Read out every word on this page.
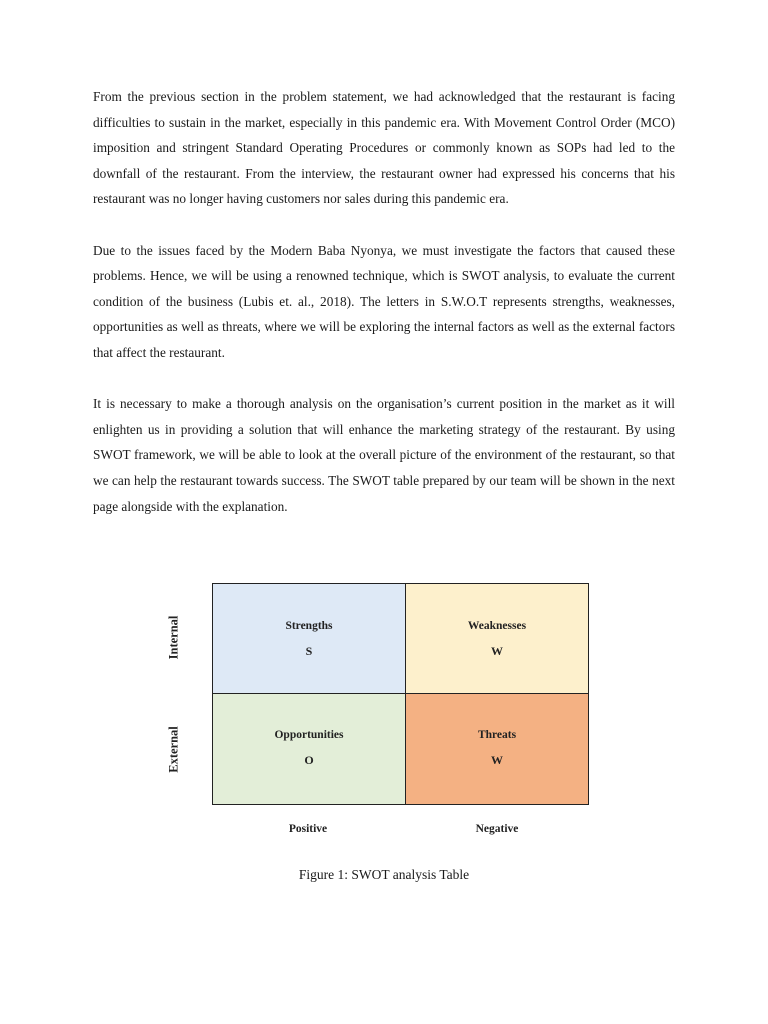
From the previous section in the problem statement, we had acknowledged that the restaurant is facing difficulties to sustain in the market, especially in this pandemic era. With Movement Control Order (MCO) imposition and stringent Standard Operating Procedures or commonly known as SOPs had led to the downfall of the restaurant. From the interview, the restaurant owner had expressed his concerns that his restaurant was no longer having customers nor sales during this pandemic era.

Due to the issues faced by the Modern Baba Nyonya, we must investigate the factors that caused these problems. Hence, we will be using a renowned technique, which is SWOT analysis, to evaluate the current condition of the business (Lubis et. al., 2018). The letters in S.W.O.T represents strengths, weaknesses, opportunities as well as threats, where we will be exploring the internal factors as well as the external factors that affect the restaurant.

It is necessary to make a thorough analysis on the organisation’s current position in the market as it will enlighten us in providing a solution that will enhance the marketing strategy of the restaurant. By using SWOT framework, we will be able to look at the overall picture of the environment of the restaurant, so that we can help the restaurant towards success. The SWOT table prepared by our team will be shown in the next page alongside with the explanation.

Internal
External
Strengths
S
Weaknesses
W
Opportunities
O
Threats
W
Positive	Negative
Figure 1: SWOT analysis Table
